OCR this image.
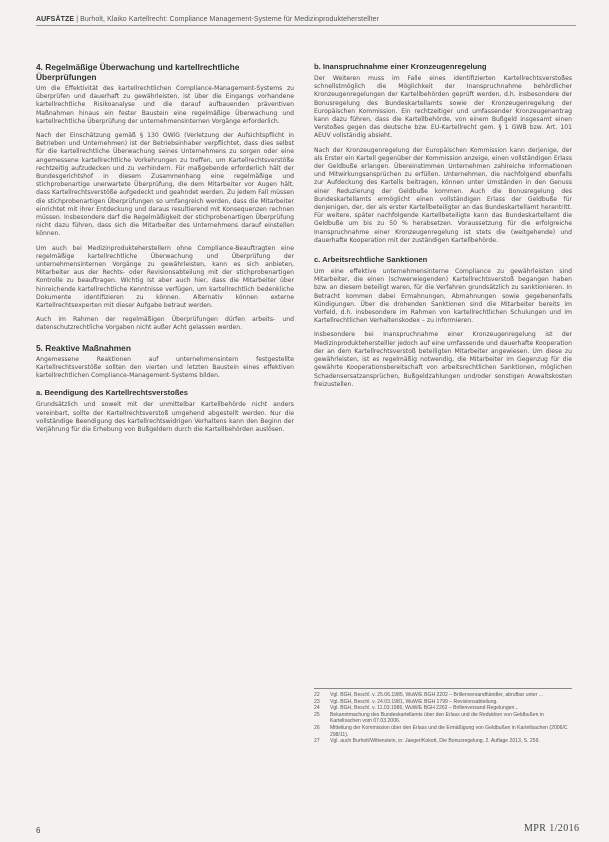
AUFSÄTZE | Burholt, Klaiko Kartellrecht: Compliance Management-Systeme für Medizinprodukteherstellter
4. Regelmäßige Überwachung und kartellrechtliche Überprüfungen

Um die Effektivität des kartellrechtlichen Compliance-Management-Systems zu überprüfen und dauerhaft zu gewährleisten, ist über die Eingangs vorhandene kartellrechtliche Risikoanalyse und die darauf aufbauenden präventiven Maßnahmen hinaus ein fester Baustein eine regelmäßige Überwachung und kartellrechtliche Überprüfung der unternehmensinternen Vorgänge erforderlich.

Nach der Einschätzung gemäß § 130 OWiG (Verletzung der Aufsichtspflicht in Betrieben und Unternehmen) ist der Betriebsinhaber verpflichtet, dass dies selbst für die kartellrechtliche Überwachung seines Unternehmens zu sorgen oder eine angemessene kartellrechtliche Vorkehrungen zu treffen, um Kartellrechtsverstöße rechtzeitig aufzudecken und zu verhindern. Für maßgebende erforderlich hält der Bundesgerichtshof in diesem Zusammenhang eine regelmäßige und stichprobenartige unerwartete Überprüfung, die dem Mitarbeiter vor Augen hält, dass Kartellrechtsverstöße aufgedeckt und geahndet werden. Zu jedem Fall müssen die stichprobenartigen Überprüfungen so umfangreich werden, dass die Mitarbeiter einrichtet mit ihrer Entdeckung und daraus resultierend mit Konsequenzen rechnen müssen. Insbesondere darf die Regelmäßigkeit der stichprobenartigen Überprüfung nicht dazu führen, dass sich die Mitarbeiter des Unternehmens darauf einstellen können.

Um auch bei Medizinprodukteherstellern ohne Compliance-Beauftragten eine regelmäßige kartellrechtliche Überwachung und Überprüfung der unternehmensinternen Vorgänge zu gewährleisten, kann es sich anbieten, Mitarbeiter aus der Rechts- oder Revisionsabteilung mit der stichprobenartigen Kontrolle zu beauftragen. Wichtig ist aber auch hier, dass die Mitarbeiter über hinreichende kartellrechtliche Kenntnisse verfügen, um kartellrechtlich bedenkliche Dokumente identifizieren zu können. Alternativ können externe Kartellrechtsexperten mit dieser Aufgabe betraut werden.

Auch im Rahmen der regelmäßigen Überprüfungen dürfen arbeits- und datenschutzrechtliche Vorgaben nicht außer Acht gelassen werden.

5. Reaktive Maßnahmen

Angemessene Reaktionen auf unternehmensintern festgestellte Kartellrechtsverstöße sollten den vierten und letzten Baustein eines effektiven kartellrechtlichen Compliance-Management-Systems bilden.

a. Beendigung des Kartellrechtsverstoßes

Grundsätzlich und soweit mit der unmittelbar Kartellbehörde nicht anders vereinbart, sollte der Kartellrechtsverstoß umgehend abgestellt werden. Nur die vollständige Beendigung des kartellrechtswidrigen Verhaltens kann den Beginn der Verjährung für die Erhebung von Bußgeldern durch die Kartellbehörden auslösen.

b. Inanspruchnahme einer Kronzeugenregelung

Der Weiteren muss im Falle eines identifizierten Kartellrechtsverstoßes schnellstmöglich die Möglichkeit der Inanspruchnahme behördlicher Kronzeugenregelungen der Kartellbehörden geprüft werden, d.h. insbesondere der Bonusregelung des Bundeskartellamts sowie der Kronzeugenregelung der Europäischen Kommission. Ein rechtzeitiger und umfassender Kronzeugenantrag kann dazu führen, dass die Kartellbehörde, von einem Bußgeld insgesamt einen Verstoßes gegen das deutsche bzw. EU-Kartellrecht gem. § 1 GWB bzw. Art. 101 AEUV vollständig absieht.

Nach der Kronzeugenregelung der Europäischen Kommission kann derjenige, der als Erster ein Kartell gegenüber der Kommission anzeige, einen vollständigen Erlass der Geldbuße erlangen. Übereinstimmen Unternehmen zahlreiche Informationen und Mitwirkungsansprüchen zu erfüllen. Unternehmen, die nachfolgend ebenfalls zur Aufdeckung des Kartells beitragen, können unter Umständen in den Genuss einer Reduzierung der Geldbuße kommen. Auch die Bonusregelung des Bundeskartellamts ermöglicht einen vollständigen Erlass der Geldbuße für denjenigen, der, der als erster Kartellbeteiligter an das Bundeskartellamt herantritt. Für weitere, später nachfolgende Kartellbeteiligte kann das Bundeskartellamt die Geldbuße um bis zu 50 % herabsetzen. Voraussetzung für die erfolgreiche Inanspruchnahme einer Kronzeugenregelung ist stets die (weitgehende) und dauerhafte Kooperation mit der zuständigen Kartellbehörde.

c. Arbeitsrechtliche Sanktionen

Um eine effektive unternehmensinterne Compliance zu gewährleisten sind Mitarbeiter, die einen (schwerwiegenden) Kartellrechtsverstoß begangen haben bzw. an diesem beteiligt waren, für die Verfahren grundsätzlich zu sanktionieren. In Betracht kommen dabei Ermahnungen, Abmahnungen sowie gegebenenfalls Kündigungen. Über die drohenden Sanktionen sind die Mitarbeiter bereits im Vorfeld, d.h. insbesondere im Rahmen von kartellrechtlichen Schulungen und im Kartellrechtlichen Verhaltenskodex – zu informieren.

Insbesondere bei Inanspruchnahme einer Kronzeugenregelung ist der Medizinprodukteherstelller jedoch auf eine umfassende und dauerhafte Kooperation der an dem Kartellrechtsverstoß beteiligten Mitarbeiter angewiesen. Um diese zu gewährleisten, ist es regelmäßig notwendig, die Mitarbeiter im Gegenzug für die gewährte Kooperationsbereitschaft von arbeitsrechtlichen Sanktionen, möglichen Schadensersatzansprüchen, Bußgeldzahlungen und/oder sonstigen Anwaltskosten freizustellen.

22	Vgl. BGH, Beschl. v. 25.06.1985, WuW/E BGH 2202 – Brillenversandhändler, abrufbar unter ...
23	Vgl. BGH, Beschl. v. 24.03.1981, WuW/E BGH 1799 – Revisionsabteilung.
24	Vgl. BGH, Beschl. v. 11.03.1986, WuW/E BGH 2262 – Brillenversand Regelungen...
25	Bekanntmachung des Bundeskartellamts über den Erlass und die Reduktion von Geldbußen in Kartellsachen vom 07.03.2006.
26	Mitteilung der Kommission über den Erlass und die Ermäßigung von Geldbußen in Kartellsachen (2006/C 298/11).
27	Vgl. auch Burholt/Wittenstein, in: Jaeger/Kokott, Die Bonusregelung, 2. Auflage 2013, S. 259.
6	MPR 1/2016
